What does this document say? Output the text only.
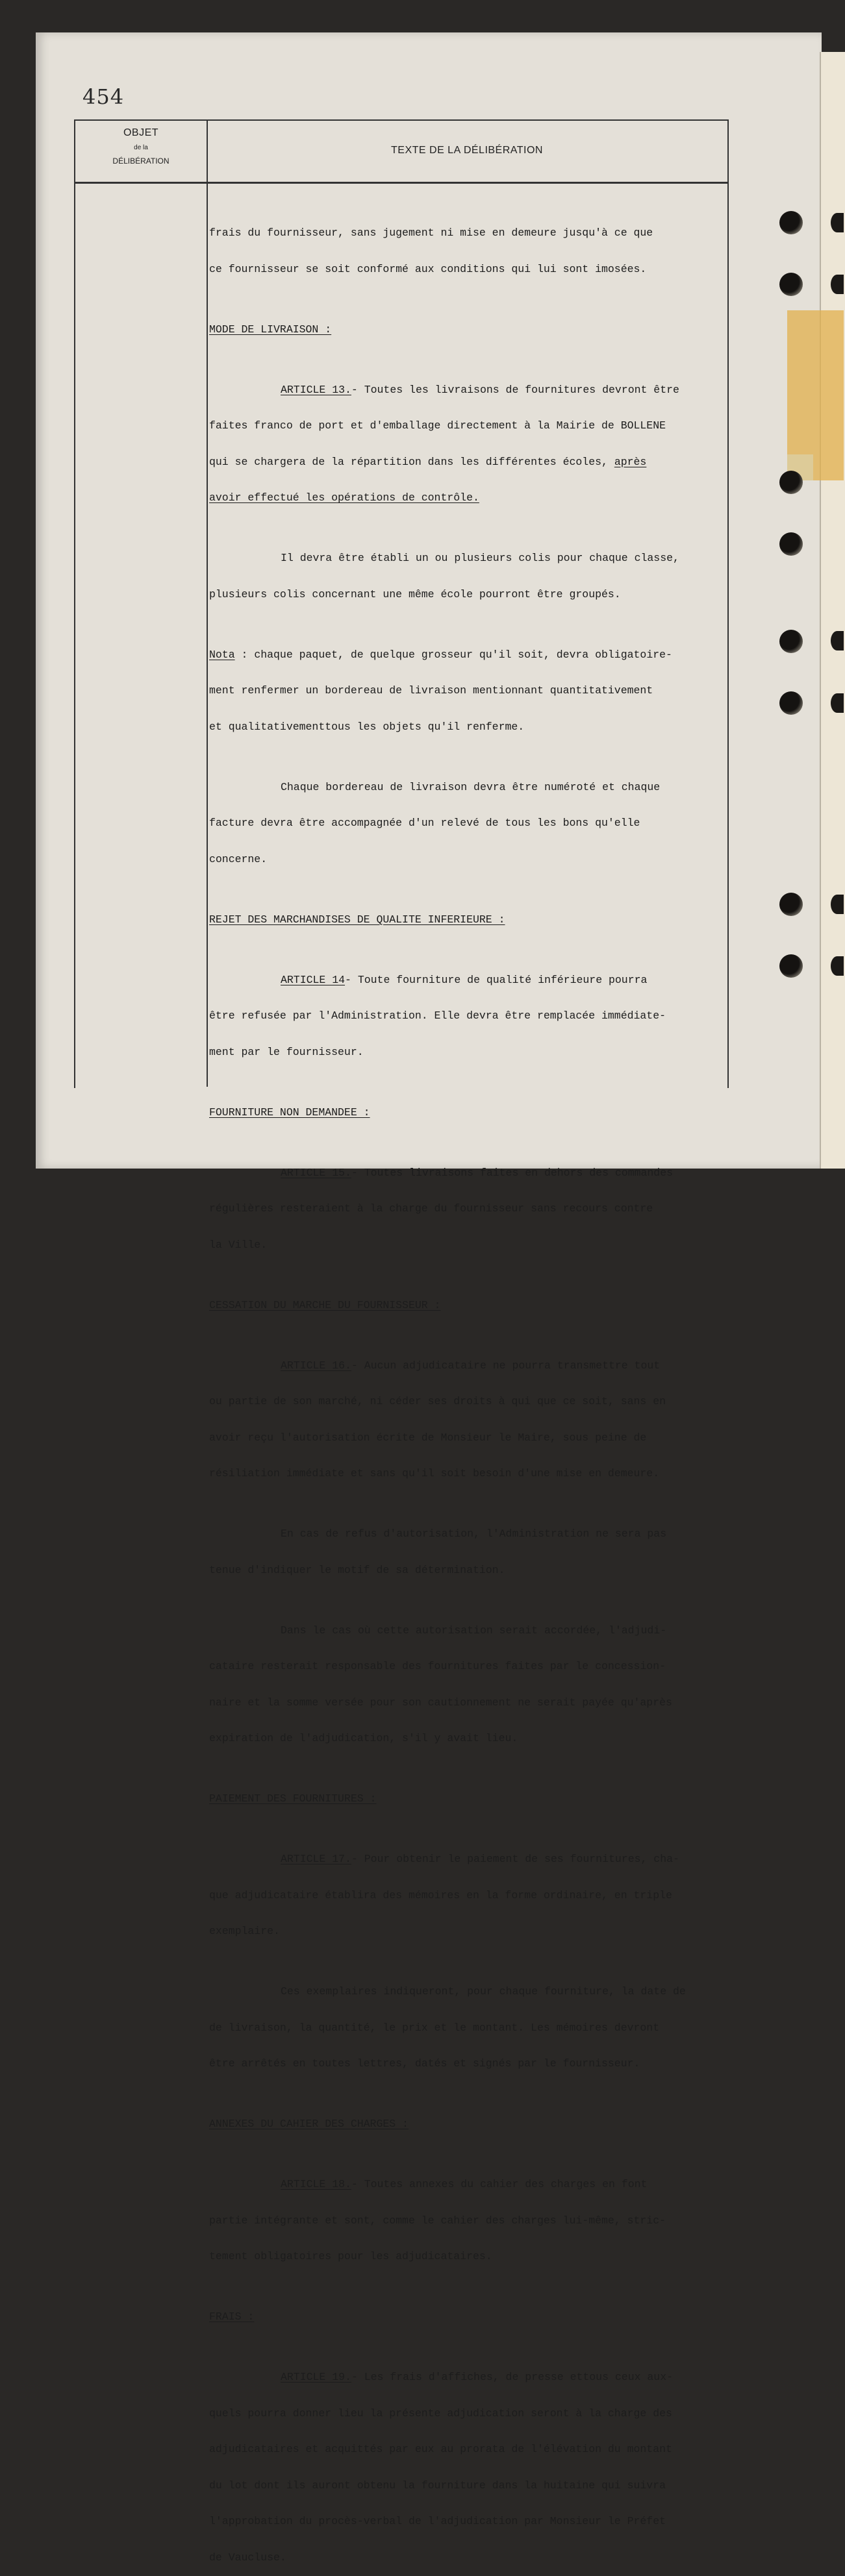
454
OBJET
de la
DÉLIBÉRATION
TEXTE DE LA DÉLIBÉRATION

frais du fournisseur, sans jugement ni mise en demeure jusqu'à ce que

ce fournisseur se soit conformé aux conditions qui lui sont imosées.

MODE DE LIVRAISON :

ARTICLE 13.- Toutes les livraisons de fournitures devront être

faites franco de port et d'emballage directement à la Mairie de BOLLENE

qui se chargera de la répartition dans les différentes écoles, après

avoir effectué les opérations de contrôle.

Il devra être établi un ou plusieurs colis pour chaque classe,

plusieurs colis concernant une même école pourront être groupés.

Nota : chaque paquet, de quelque grosseur qu'il soit, devra obligatoire-

ment renfermer un bordereau de livraison mentionnant quantitativement

et qualitativementtous les objets qu'il renferme.

Chaque bordereau de livraison devra être numéroté et chaque

facture devra être accompagnée d'un relevé de tous les bons qu'elle

concerne.

REJET DES MARCHANDISES DE QUALITE INFERIEURE :

ARTICLE 14- Toute fourniture de qualité inférieure pourra

être refusée par l'Administration. Elle devra être remplacée immédiate-

ment par le fournisseur.

FOURNITURE NON DEMANDEE :

ARTICLE 15.- Toutes livraisons faites en dehors des commandes

régulières resteraient à la charge du fournisseur sans recours contre

la Ville.

CESSATION DU MARCHE DU FOURNISSEUR :

ARTICLE 16.- Aucun adjudicataire ne pourra transmettre tout

ou partie de son marché, ni céder ses droits à qui que ce soit, sans en

avoir reçu l'autorisation écrite de Monsieur le Maire, sous peine de

résiliation immédiate et sans qu'il soit besoin d'une mise en demeure.

En cas de refus d'autorisation, l'Administration ne sera pas

tenue d'indiquer le motif de sa détermination.

Dans le cas où cette autorisation serait accordée, l'adjudi-

cataire resterait responsable des fournitures faites par le concession-

naire et la somme versée pour son cautionnement ne serait payée qu'après

expiration de l'adjudication, s'il y avait lieu.

PAIEMENT DES FOURNITURES :

ARTICLE 17.- Pour obtenir le paiement de ses fournitures, cha-

que adjudicataire établira des mémoires en la forme ordinaire, en triple

exemplaire.

Ces exemplaires indiqueront, pour chaque fourniture, la date de

de livraison, la quantité, le prix et le montant. Les mémoires devront

être arrêtés en toutes lettres, datés et signés par le fournisseur.

ANNEXES DU CAHIER DES CHARGES :

ARTICLE 18.- Toutes annexes du cahier des charges en font

partie intégrante et sont, comme le cahier des charges lui-même, stric-

tement obligatoires pour les adjudicataires.

FRAIS :

ARTICLE 19.- Les frais d'affiches, de presse ettous ceux aux-

quels pourra donner lieu la présente adjudication seront à la charge des

adjudicataires et acquittés par eux au prorata de l'élévation du montant

du lot dont ils auront obtenu la fourniture dans la huitaine qui suivra

l'approbation du procès-verbal de l'adjudication par Monsieur le Préfet

de Vaucluse.
